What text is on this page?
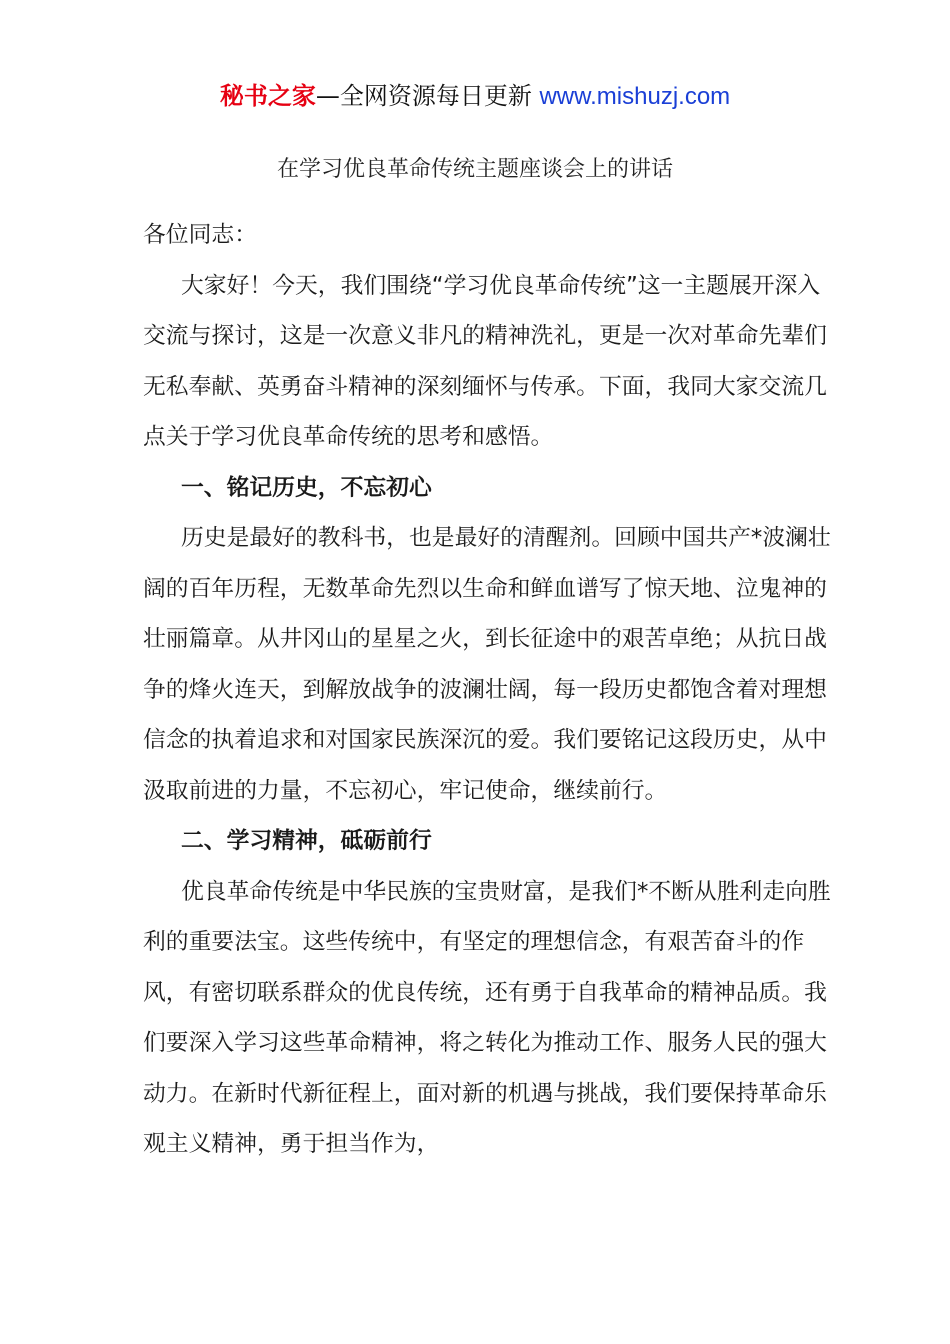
秘书之家—全网资源每日更新 www.mishuzj.com
在学习优良革命传统主题座谈会上的讲话

各位同志：

大家好！今天，我们围绕“学习优良革命传统”这一主题展开深入交流与探讨，这是一次意义非凡的精神洗礼，更是一次对革命先辈们无私奉献、英勇奋斗精神的深刻缅怀与传承。下面，我同大家交流几点关于学习优良革命传统的思考和感悟。

一、铭记历史，不忘初心

历史是最好的教科书，也是最好的清醒剂。回顾中国共产*波澜壮阔的百年历程，无数革命先烈以生命和鲜血谱写了惊天地、泣鬼神的壮丽篇章。从井冈山的星星之火，到长征途中的艰苦卓绝；从抗日战争的烽火连天，到解放战争的波澜壮阔，每一段历史都饱含着对理想信念的执着追求和对国家民族深沉的爱。我们要铭记这段历史，从中汲取前进的力量，不忘初心，牢记使命，继续前行。

二、学习精神，砥砺前行

优良革命传统是中华民族的宝贵财富，是我们*不断从胜利走向胜利的重要法宝。这些传统中，有坚定的理想信念，有艰苦奋斗的作风，有密切联系群众的优良传统，还有勇于自我革命的精神品质。我们要深入学习这些革命精神，将之转化为推动工作、服务人民的强大动力。在新时代新征程上，面对新的机遇与挑战，我们要保持革命乐观主义精神，勇于担当作为，
